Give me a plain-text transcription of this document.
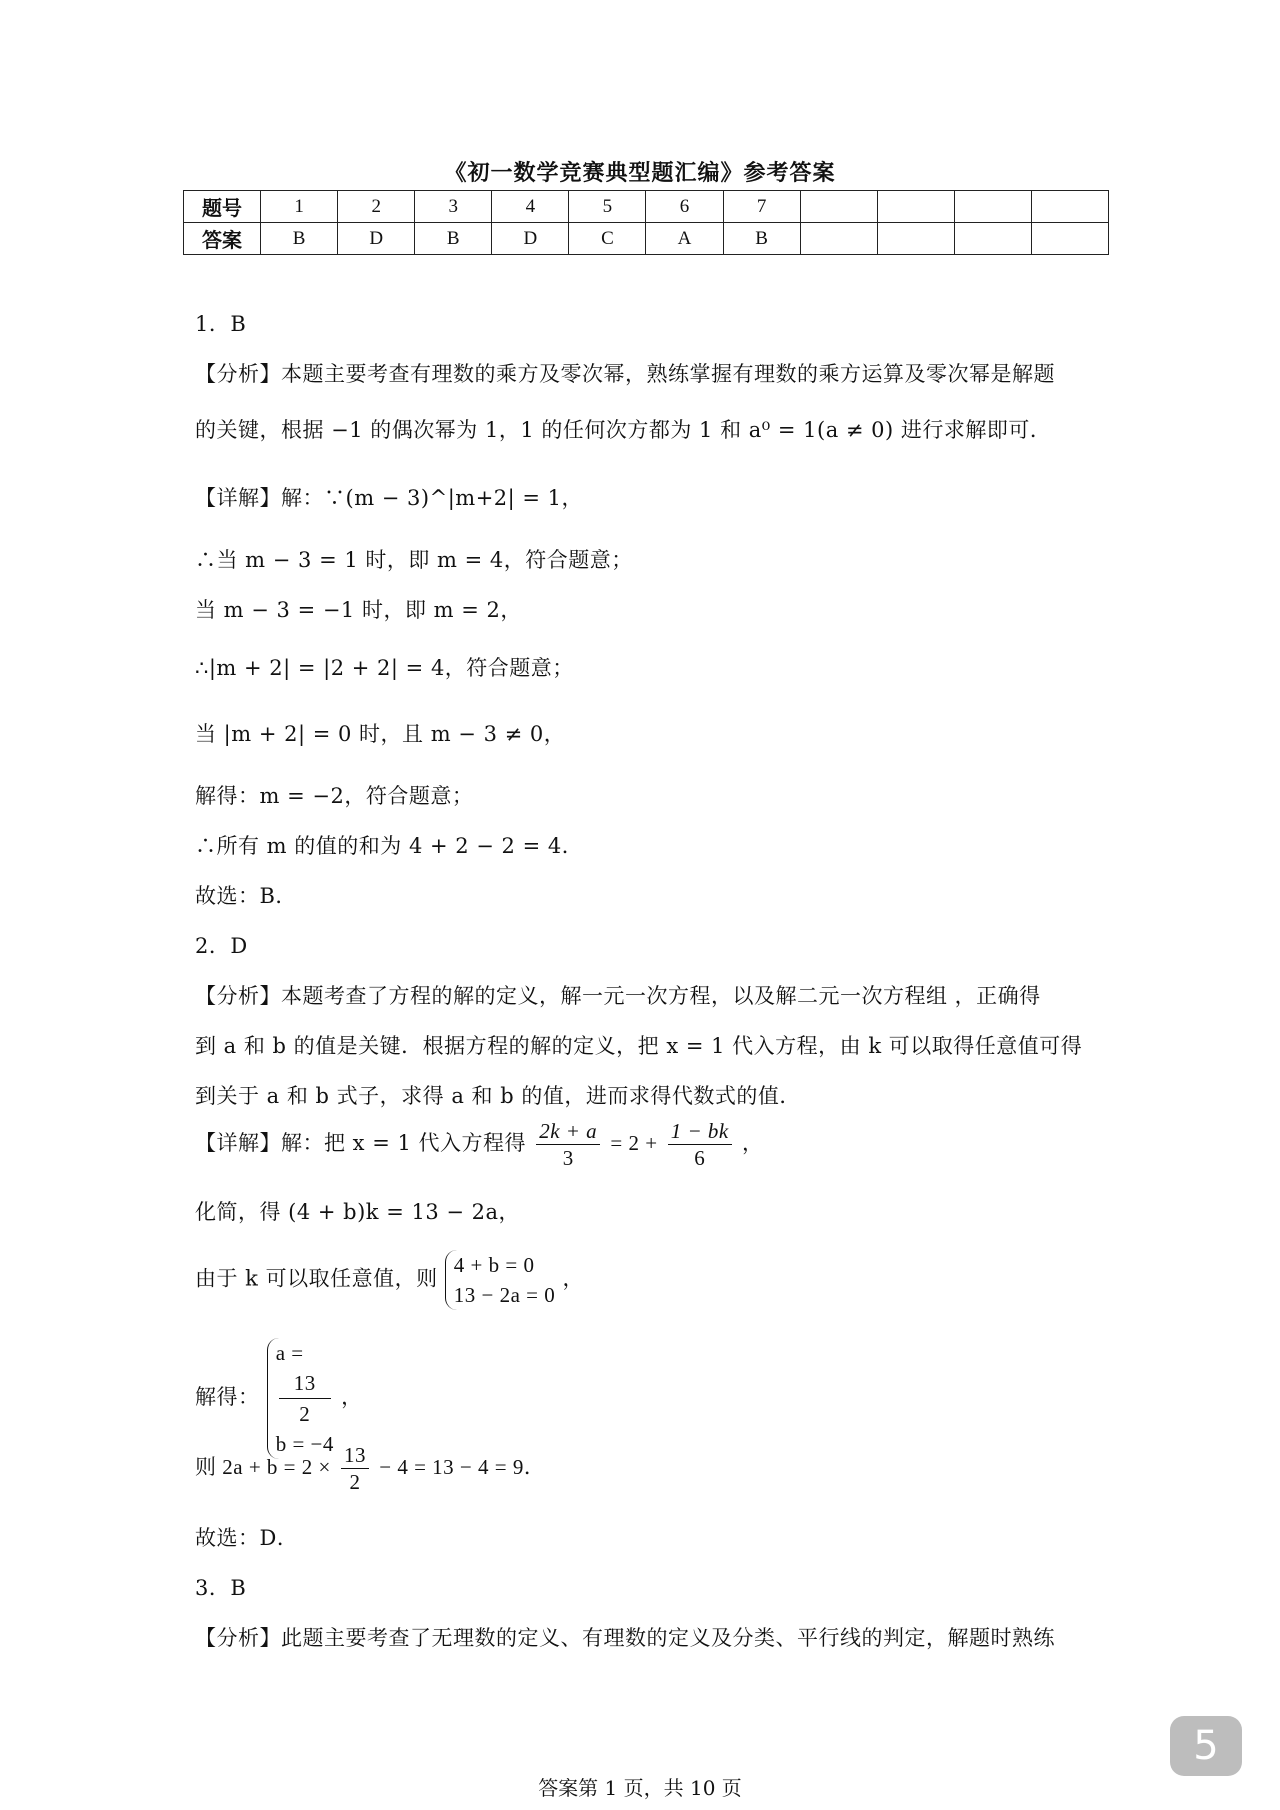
《初一数学竞赛典型题汇编》参考答案
题号	1	2	3	4	5	6	7				
答案	B	D	B	D	C	A	B				
1．B
【分析】本题主要考查有理数的乘方及零次幂，熟练掌握有理数的乘方运算及零次幂是解题
的关键，根据 −1 的偶次幂为 1，1 的任何次方都为 1 和 a⁰ = 1(a ≠ 0) 进行求解即可．
【详解】解：∵(m − 3)^|m+2| = 1，
∴当 m − 3 = 1 时，即 m = 4，符合题意；
当 m − 3 = −1 时，即 m = 2，
∴|m + 2| = |2 + 2| = 4，符合题意；
当 |m + 2| = 0 时，且 m − 3 ≠ 0，
解得：m = −2，符合题意；
∴所有 m 的值的和为 4 + 2 − 2 = 4．
故选：B．
2．D
【分析】本题考查了方程的解的定义，解一元一次方程，以及解二元一次方程组 ，正确得
到 a 和 b 的值是关键．根据方程的解的定义，把 x = 1 代入方程，由 k 可以取得任意值可得
到关于 a 和 b 式子，求得 a 和 b 的值，进而求得代数式的值．
【详解】解：把 x = 1 代入方程得 $\frac{2k + a}{3} = 2 + \frac{1 - bk}{6}$ ，
化简，得 (4 + b)k = 13 − 2a，
由于 k 可以取任意值，则
4 + b = 0
13 − 2a = 0
，
解得：
a =
13
2
b = −4
，
则 $2a + b = 2 \times \frac{13}{2} - 4 = 13 - 4 = 9$．
故选：D．
3．B
【分析】此题主要考查了无理数的定义、有理数的定义及分类、平行线的判定，解题时熟练
5
答案第 1 页，共 10 页
